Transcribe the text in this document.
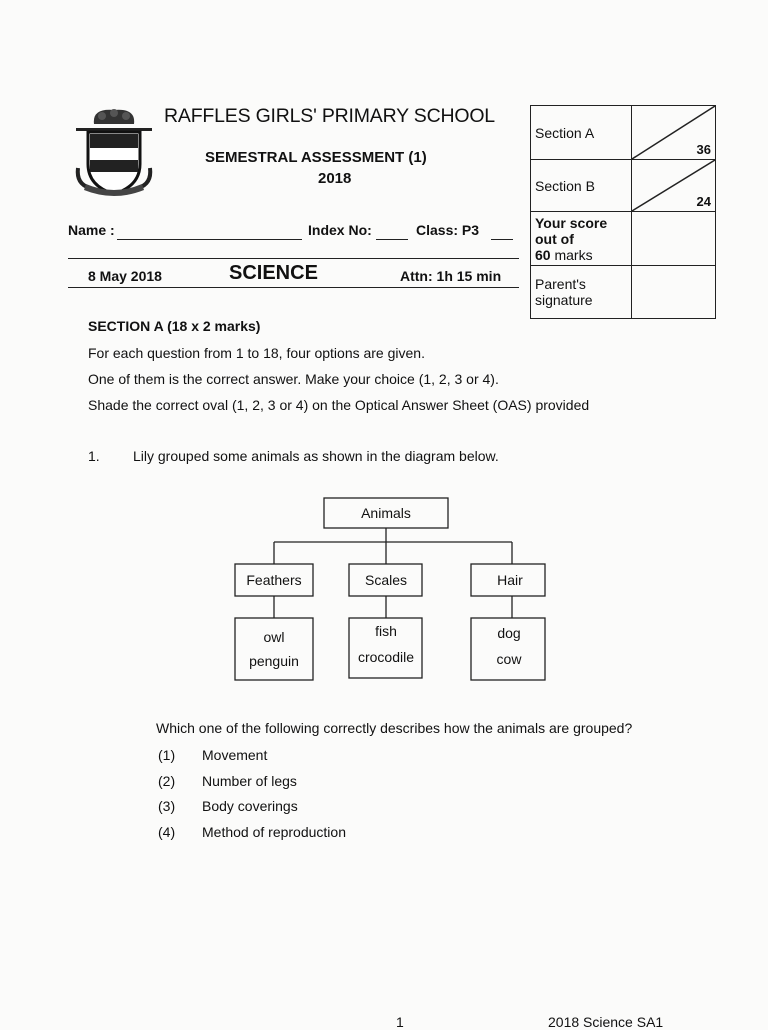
RAFFLES GIRLS' PRIMARY SCHOOL
SEMESTRAL ASSESSMENT (1)
2018
Name :	Index No:	Class: P3
8 May 2018	SCIENCE	Attn: 1h 15 min
Section A	36

Section B	24

Your score
out of
60 marks	

Parent's
signature	

SECTION A (18 x 2 marks)
For each question from 1 to 18, four options are given.
One of them is the correct answer. Make your choice (1, 2, 3 or 4).
Shade the correct oval (1, 2, 3 or 4) on the Optical Answer Sheet (OAS) provided
1. Lily grouped some animals as shown in the diagram below.
Animals
Feathers	Scales	Hair
owl
penguin
fish
crocodile
dog
cow
Which one of the following correctly describes how the animals are grouped?
(1) Movement
(2) Number of legs
(3) Body coverings
(4) Method of reproduction
1	2018 Science SA1
